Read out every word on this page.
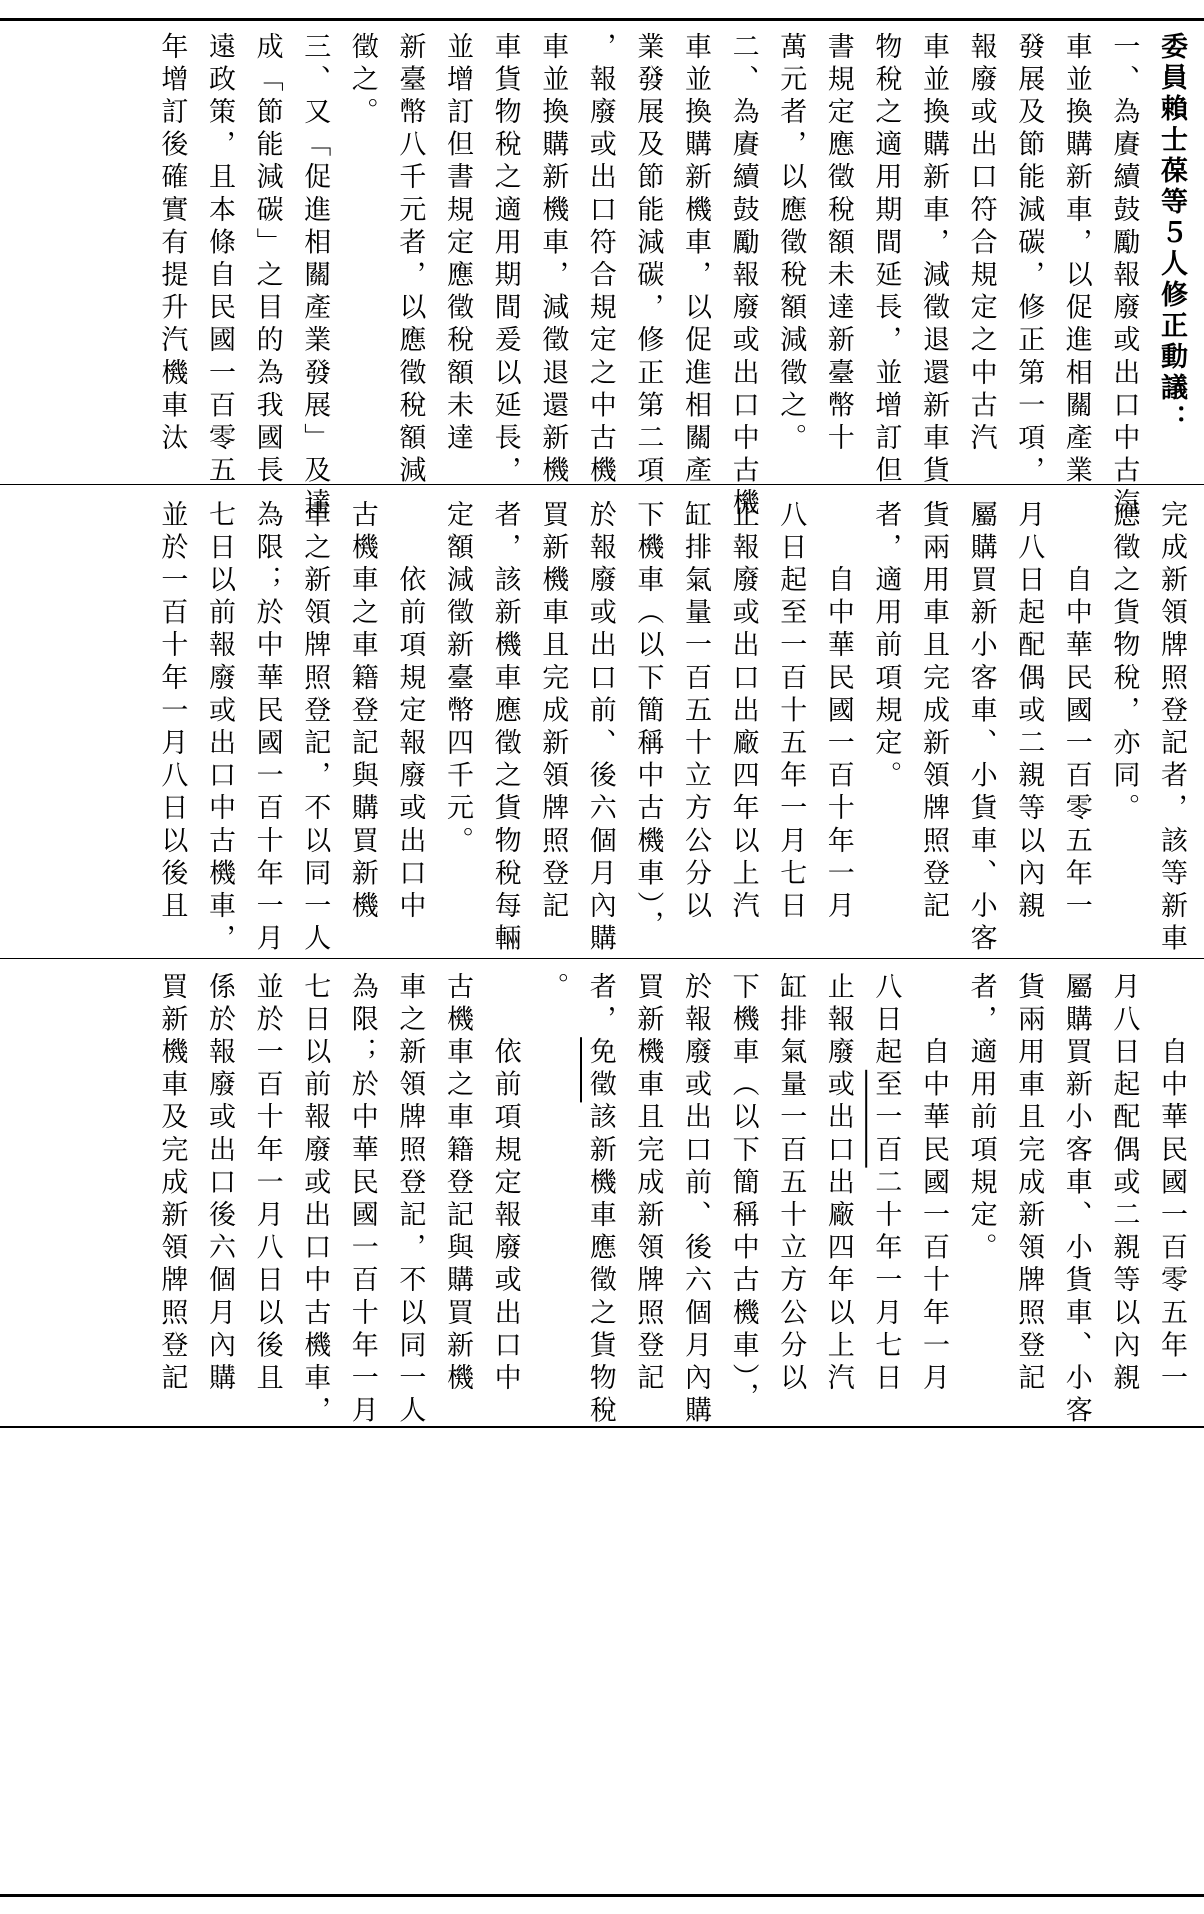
委員賴士葆等５人修正動議：
一、為賡續鼓勵報廢或出口中古汽
車並換購新車，以促進相關產業
發展及節能減碳，修正第一項，
報廢或出口符合規定之中古汽
車並換購新車，減徵退還新車貨
物稅之適用期間延長，並增訂但
書規定應徵稅額未達新臺幣十
萬元者，以應徵稅額減徵之。
二、為賡續鼓勵報廢或出口中古機
車並換購新機車，以促進相關產
業發展及節能減碳，修正第二項
，報廢或出口符合規定之中古機
車並換購新機車，減徵退還新機
車貨物稅之適用期間爰以延長，
並增訂但書規定應徵稅額未達
新臺幣八千元者，以應徵稅額減
徵之。
三、又「促進相關產業發展」及達
成「節能減碳」之目的為我國長
遠政策，且本條自民國一百零五
年增訂後確實有提升汽機車汰
完成新領牌照登記者，該等新車
應徵之貨物稅，亦同。
　　自中華民國一百零五年一
月八日起配偶或二親等以內親
屬購買新小客車、小貨車、小客
貨兩用車且完成新領牌照登記
者，適用前項規定。
　　自中華民國一百十年一月
八日起至一百十五年一月七日
止報廢或出口出廠四年以上汽
缸排氣量一百五十立方公分以
下機車（以下簡稱中古機車），
於報廢或出口前、後六個月內購
買新機車且完成新領牌照登記
者，該新機車應徵之貨物稅每輛
定額減徵新臺幣四千元。
　　依前項規定報廢或出口中
古機車之車籍登記與購買新機
車之新領牌照登記，不以同一人
為限；於中華民國一百十年一月
七日以前報廢或出口中古機車，
並於一百十年一月八日以後且
　　自中華民國一百零五年一
月八日起配偶或二親等以內親
屬購買新小客車、小貨車、小客
貨兩用車且完成新領牌照登記
者，適用前項規定。
　　自中華民國一百十年一月
八日起至一百二十年一月七日
止報廢或出口出廠四年以上汽
缸排氣量一百五十立方公分以
下機車（以下簡稱中古機車），
於報廢或出口前、後六個月內購
買新機車且完成新領牌照登記
者，免徵該新機車應徵之貨物稅
。
　　依前項規定報廢或出口中
古機車之車籍登記與購買新機
車之新領牌照登記，不以同一人
為限；於中華民國一百十年一月
七日以前報廢或出口中古機車，
並於一百十年一月八日以後且
係於報廢或出口後六個月內購
買新機車及完成新領牌照登記
